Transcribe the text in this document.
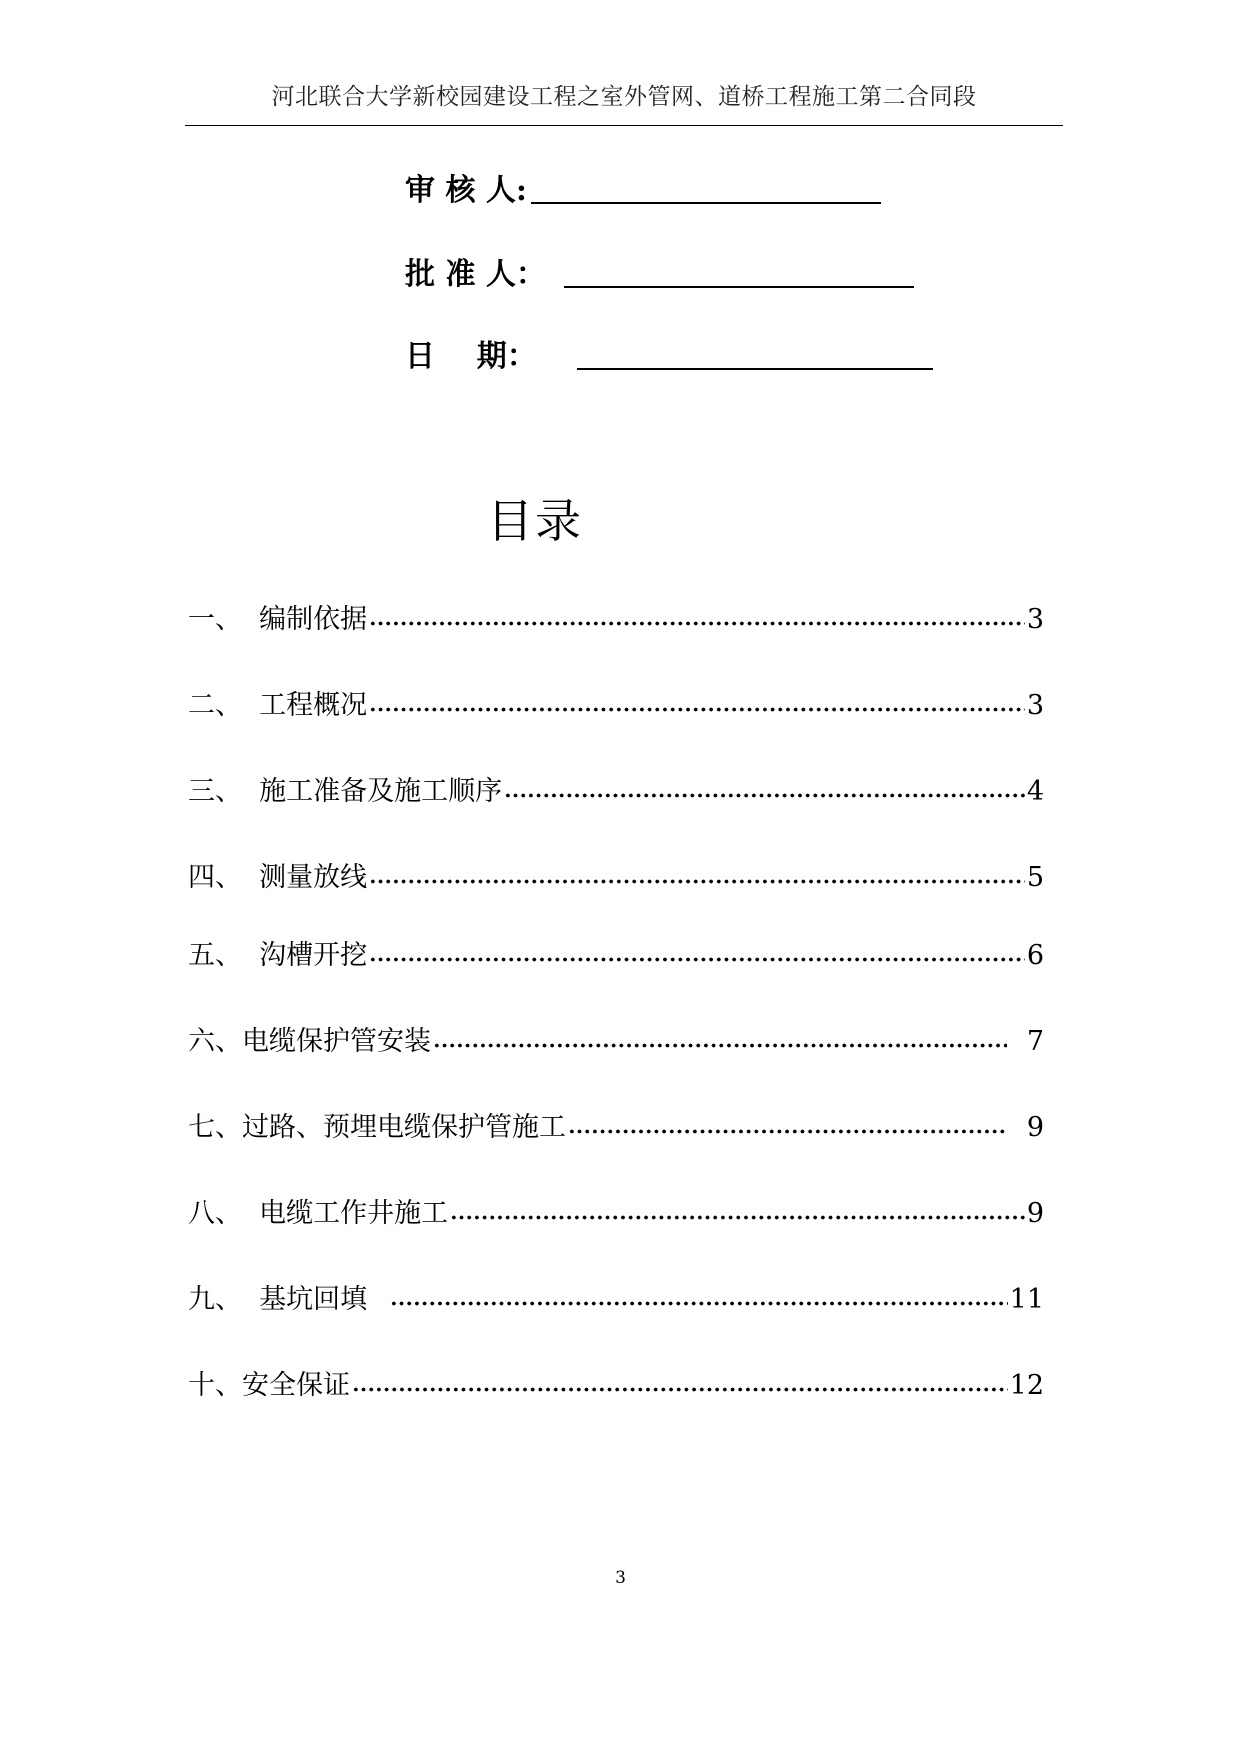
河北联合大学新校园建设工程之室外管网、道桥工程施工第二合同段
审 核 人:
批 准 人：
日    期：
目录
一、 编制依据	3
二、 工程概况	3
三、 施工准备及施工顺序	4
四、 测量放线	5
五、 沟槽开挖	6
六、 电缆保护管安装	7
七、 过路、预埋电缆保护管施工	9
八、 电缆工作井施工	9
九、 基坑回填	11
十、 安全保证	12
3
